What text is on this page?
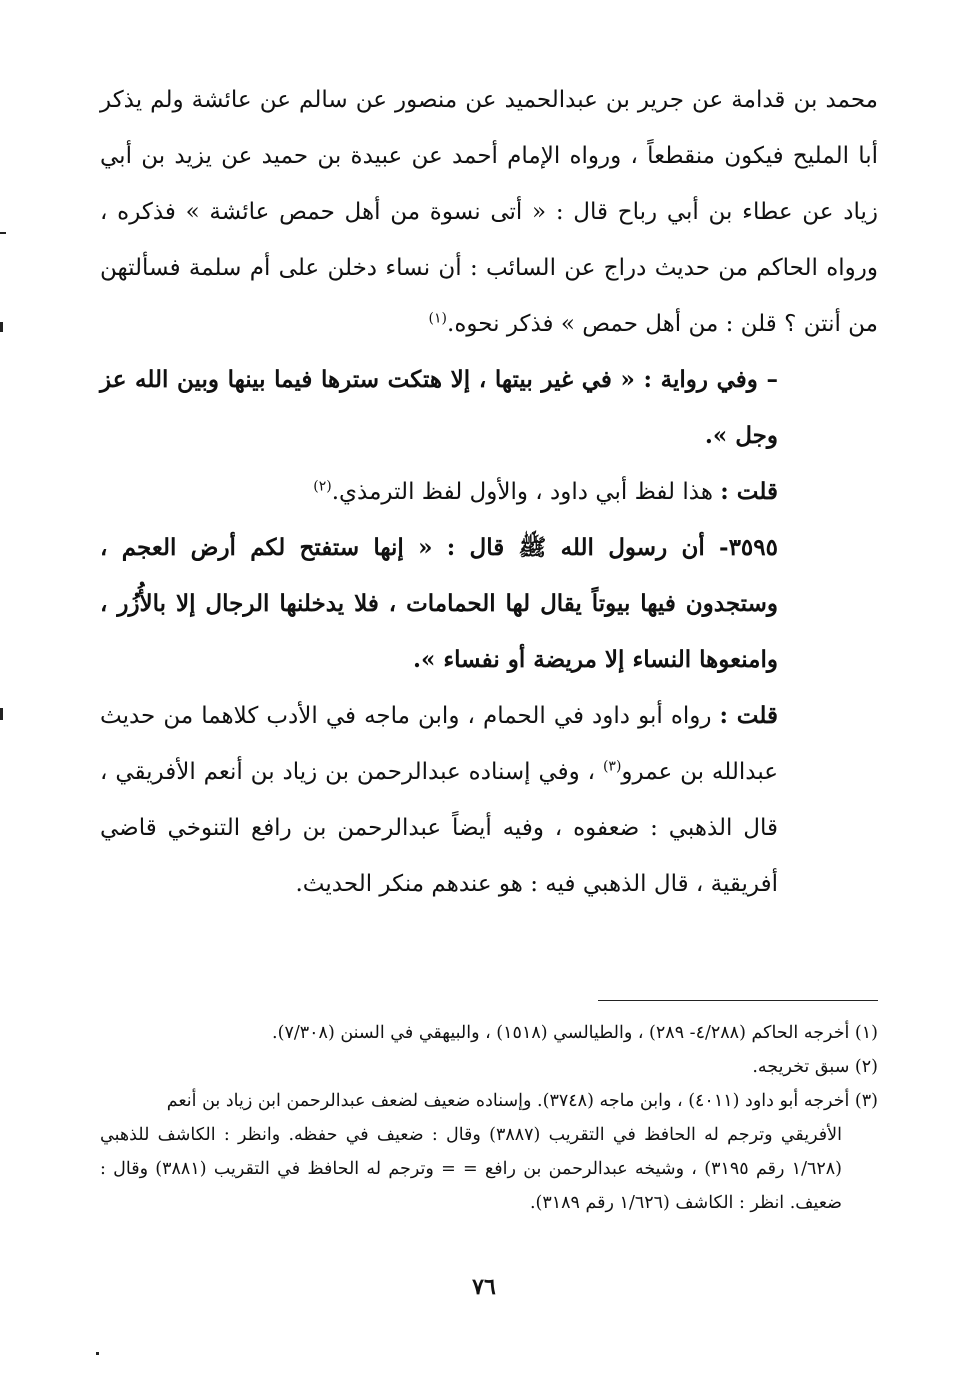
محمد بن قدامة عن جرير بن عبدالحميد عن منصور عن سالم عن عائشة ولم يذكر أبا المليح فيكون منقطعاً ، ورواه الإمام أحمد عن عبيدة بن حميد عن يزيد بن أبي زياد عن عطاء بن أبي رباح قال : « أتى نسوة من أهل حمص عائشة » فذكره ، ورواه الحاكم من حديث دراج عن السائب : أن نساء دخلن على أم سلمة فسألتهن من أنتن ؟ قلن : من أهل حمص » فذكر نحوه.$^{(١)}$

– وفي رواية : « في غير بيتها ، إلا هتكت سترها فيما بينها وبين الله عز وجل ».

قلت : هذا لفظ أبي داود ، والأول لفظ الترمذي.$^{(٢)}$

٣٥٩٥- أن رسول الله ﷺ قال : « إنها ستفتح لكم أرض العجم ، وستجدون فيها بيوتاً يقال لها الحمامات ، فلا يدخلنها الرجال إلا بالأُزُر ، وامنعوها النساء إلا مريضة أو نفساء ».

قلت : رواه أبو داود في الحمام ، وابن ماجه في الأدب كلاهما من حديث عبدالله بن عمرو$^{(٣)}$ ، وفي إسناده عبدالرحمن بن زياد بن أنعم الأفريقي ، قال الذهبي : ضعفوه ، وفيه أيضاً عبدالرحمن بن رافع التنوخي قاضي أفريقية ، قال الذهبي فيه : هو عندهم منكر الحديث.

(١) أخرجه الحاكم (٤/٢٨٨- ٢٨٩) ، والطيالسي (١٥١٨) ، والبيهقي في السنن (٧/٣٠٨).

(٢) سبق تخريجه.

(٣) أخرجه أبو داود (٤٠١١) ، وابن ماجه (٣٧٤٨). وإسناده ضعيف لضعف عبدالرحمن ابن زياد بن أنعم

الأفريقي وترجم له الحافظ في التقريب (٣٨٨٧) وقال : ضعيف في حفظه. وانظر : الكاشف للذهبي (١/٦٢٨ رقم ٣١٩٥) ، وشيخه عبدالرحمن بن رافع = = وترجم له الحافظ في التقريب (٣٨٨١) وقال : ضعيف. انظر : الكاشف (١/٦٢٦ رقم ٣١٨٩).

٧٦
